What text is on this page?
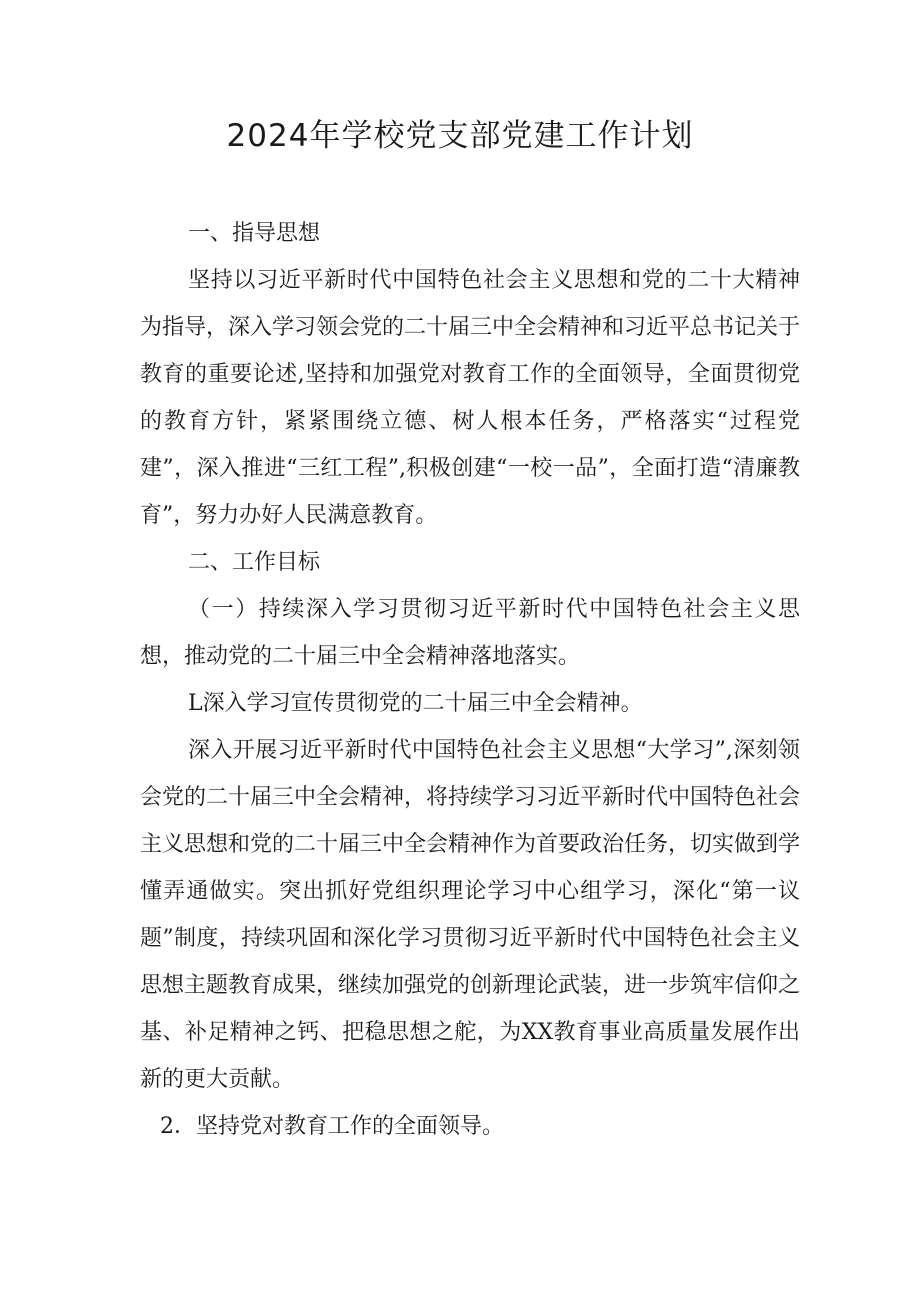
2024年学校党支部党建工作计划

一、指导思想

坚持以习近平新时代中国特色社会主义思想和党的二十大精神为指导，深入学习领会党的二十届三中全会精神和习近平总书记关于教育的重要论述,坚持和加强党对教育工作的全面领导，全面贯彻党的教育方针，紧紧围绕立德、树人根本任务，严格落实“过程党建”，深入推进“三红工程”,积极创建“一校一品”，全面打造“清廉教育”，努力办好人民满意教育。

二、工作目标

（一）持续深入学习贯彻习近平新时代中国特色社会主义思想，推动党的二十届三中全会精神落地落实。

L深入学习宣传贯彻党的二十届三中全会精神。

深入开展习近平新时代中国特色社会主义思想“大学习”,深刻领会党的二十届三中全会精神，将持续学习习近平新时代中国特色社会主义思想和党的二十届三中全会精神作为首要政治任务，切实做到学懂弄通做实。突出抓好党组织理论学习中心组学习，深化“第一议题”制度，持续巩固和深化学习贯彻习近平新时代中国特色社会主义思想主题教育成果，继续加强党的创新理论武装，进一步筑牢信仰之基、补足精神之钙、把稳思想之舵，为XX教育事业高质量发展作出新的更大贡献。

2．坚持党对教育工作的全面领导。
